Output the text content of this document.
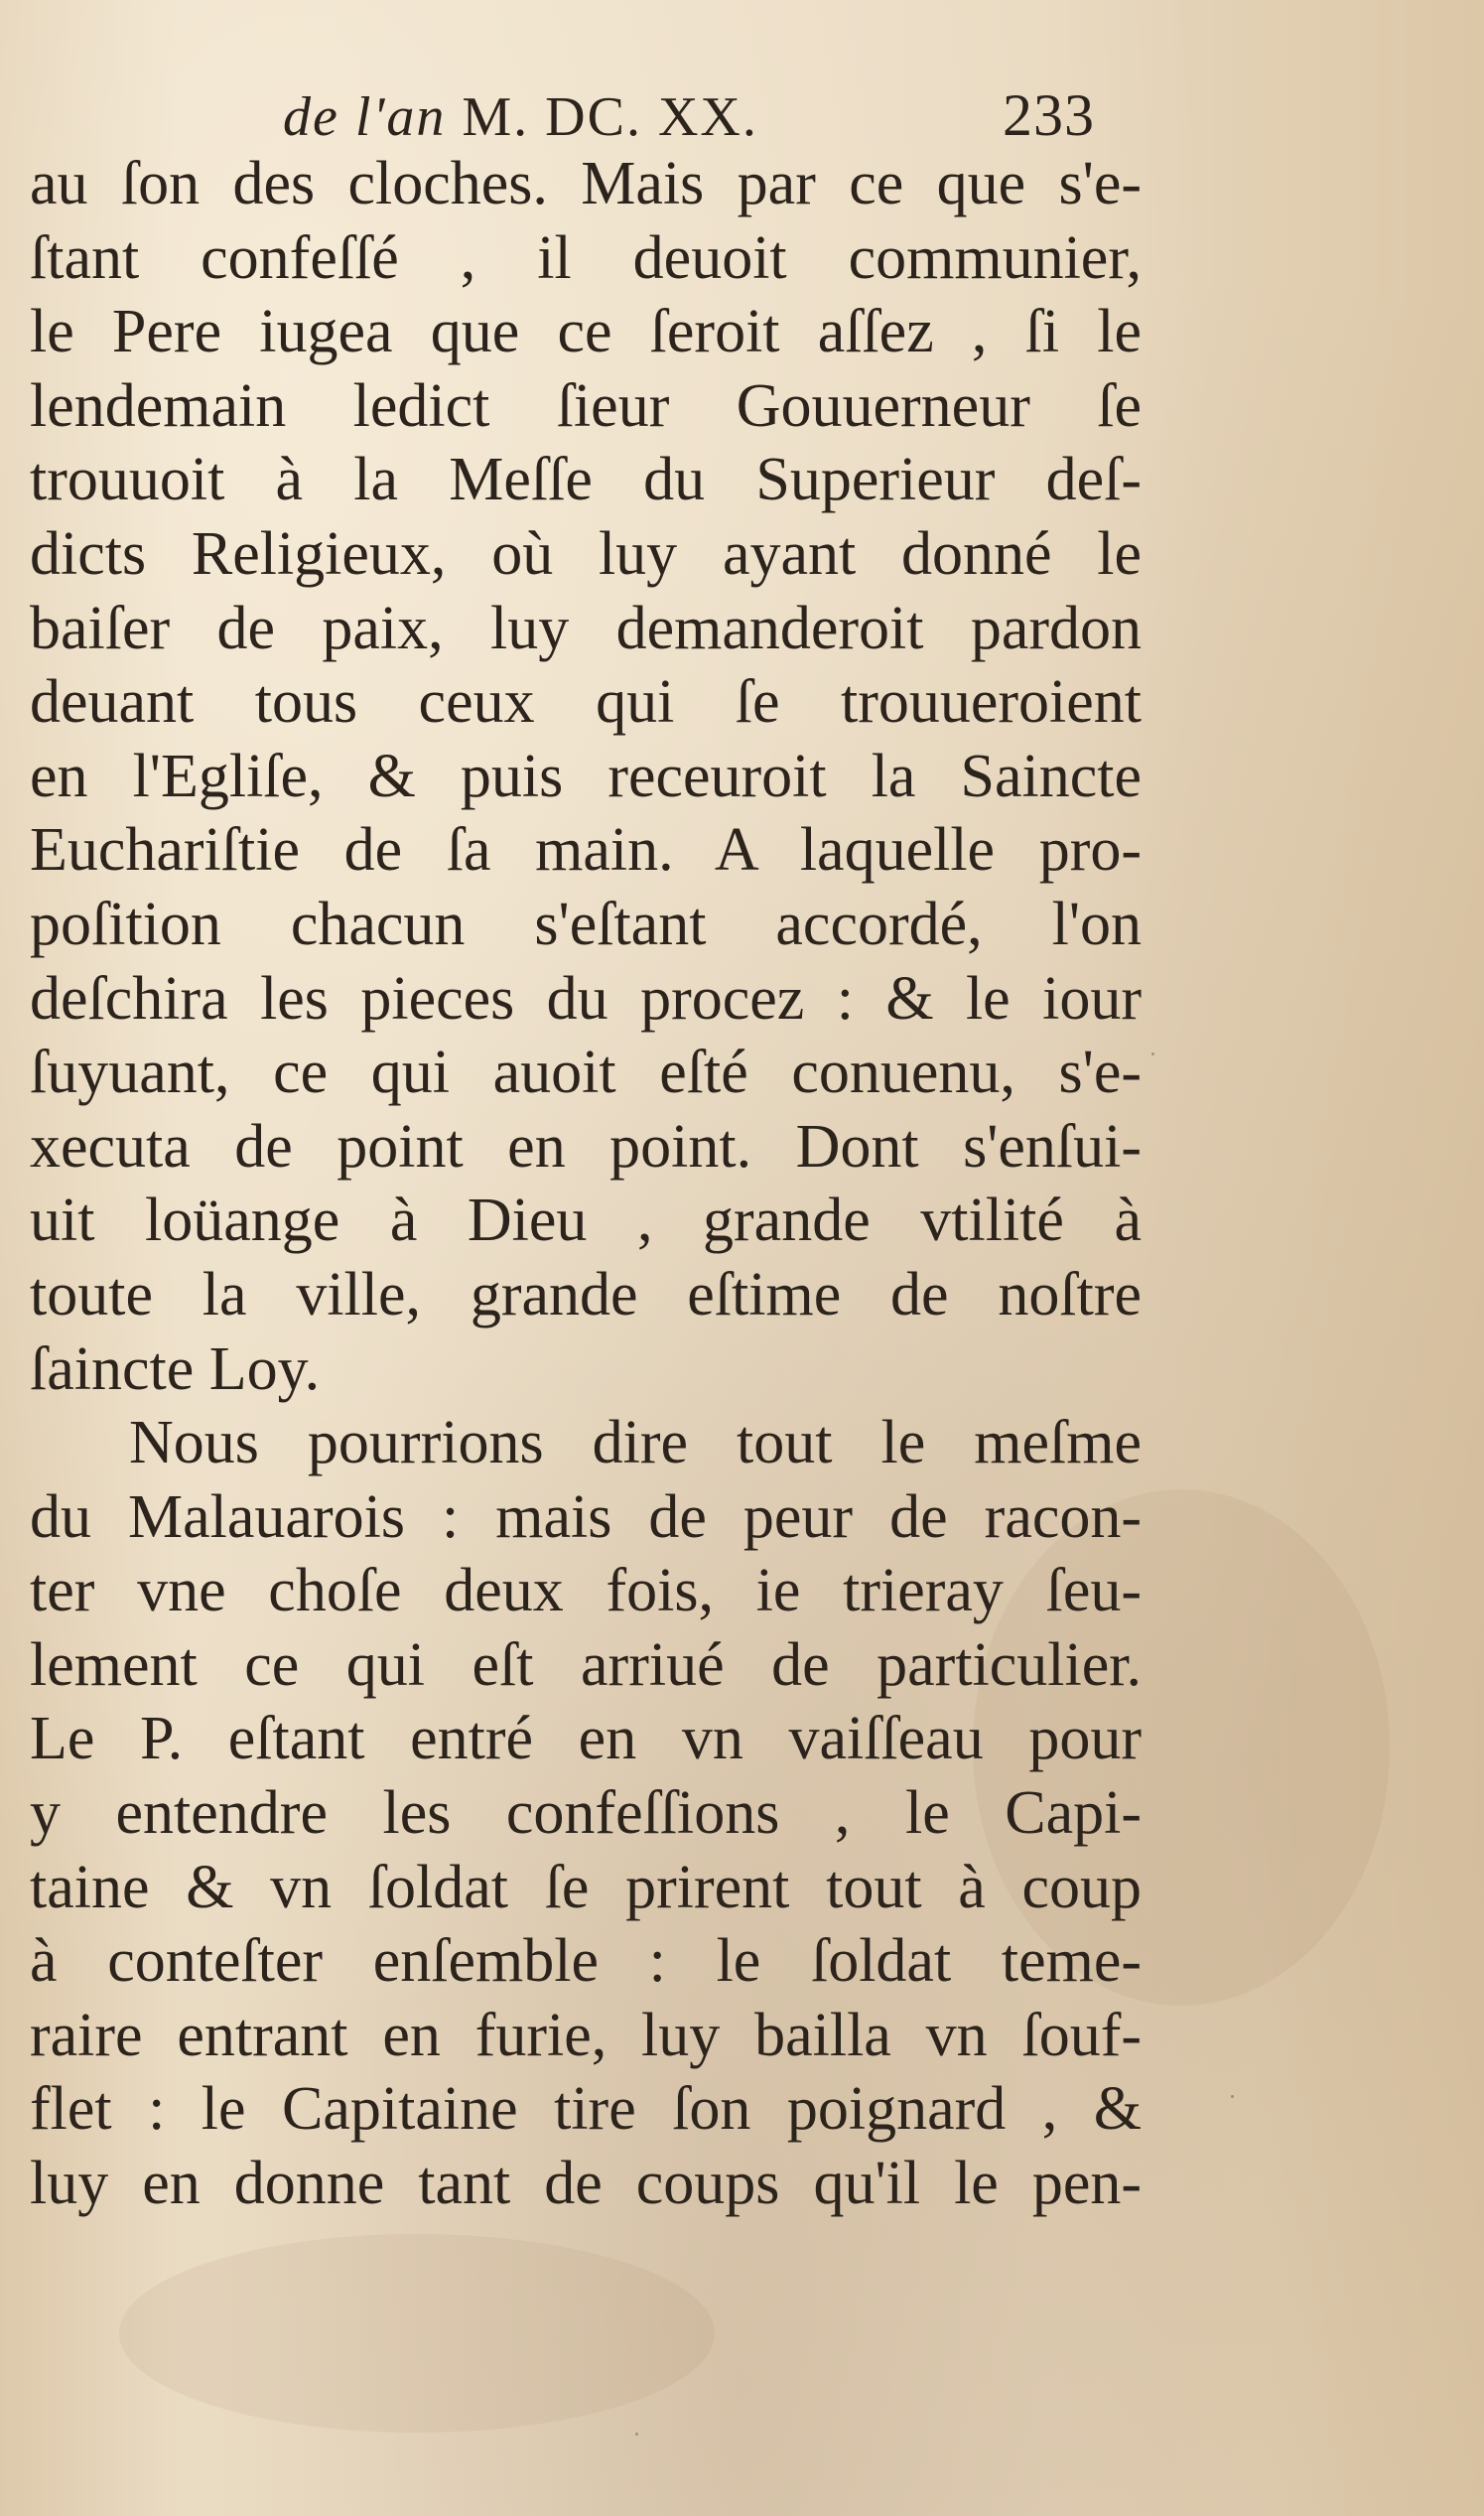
de l'an M. DC. XX.	233
au ſon des cloches. Mais par ce que s'e-
ſtant confeſſé , il deuoit communier,
le Pere iugea que ce ſeroit aſſez , ſi le
lendemain ledict ſieur Gouuerneur ſe
trouuoit à la Meſſe du Superieur deſ-
dicts Religieux, où luy ayant donné le
baiſer de paix, luy demanderoit pardon
deuant tous ceux qui ſe trouueroient
en l'Egliſe, & puis receuroit la Saincte
Euchariſtie de ſa main. A laquelle pro-
poſition chacun s'eſtant accordé, l'on
deſchira les pieces du procez : & le iour
ſuyuant, ce qui auoit eſté conuenu, s'e-
xecuta de point en point. Dont s'enſui-
uit loüange à Dieu , grande vtilité à
toute la ville, grande eſtime de noſtre
ſaincte Loy.
Nous pourrions dire tout le meſme
du Malauarois : mais de peur de racon-
ter vne choſe deux fois, ie trieray ſeu-
lement ce qui eſt arriué de particulier.
Le P. eſtant entré en vn vaiſſeau pour
y entendre les confeſſions , le Capi-
taine & vn ſoldat ſe prirent tout à coup
à conteſter enſemble : le ſoldat teme-
raire entrant en furie, luy bailla vn ſouf-
flet : le Capitaine tire ſon poignard , &
luy en donne tant de coups qu'il le pen-
